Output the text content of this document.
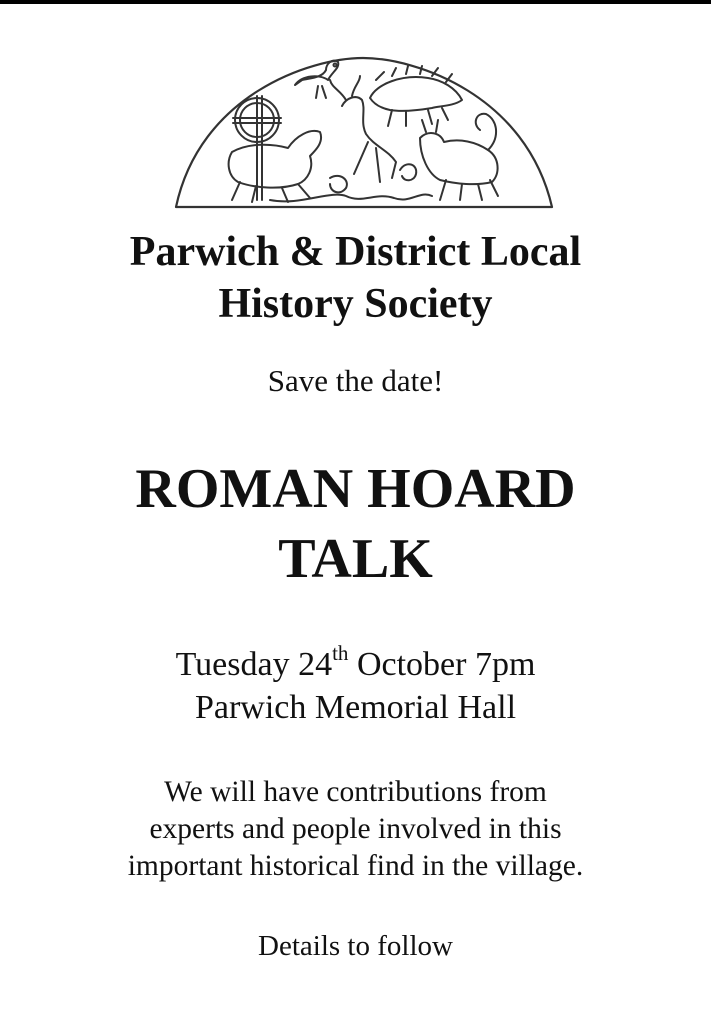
Parwich & District Local
History Society
Save the date!
ROMAN HOARD
TALK
Tuesday 24th October 7pm
Parwich Memorial Hall
We will have contributions from
experts and people involved in this
important historical find in the village.
Details to follow
